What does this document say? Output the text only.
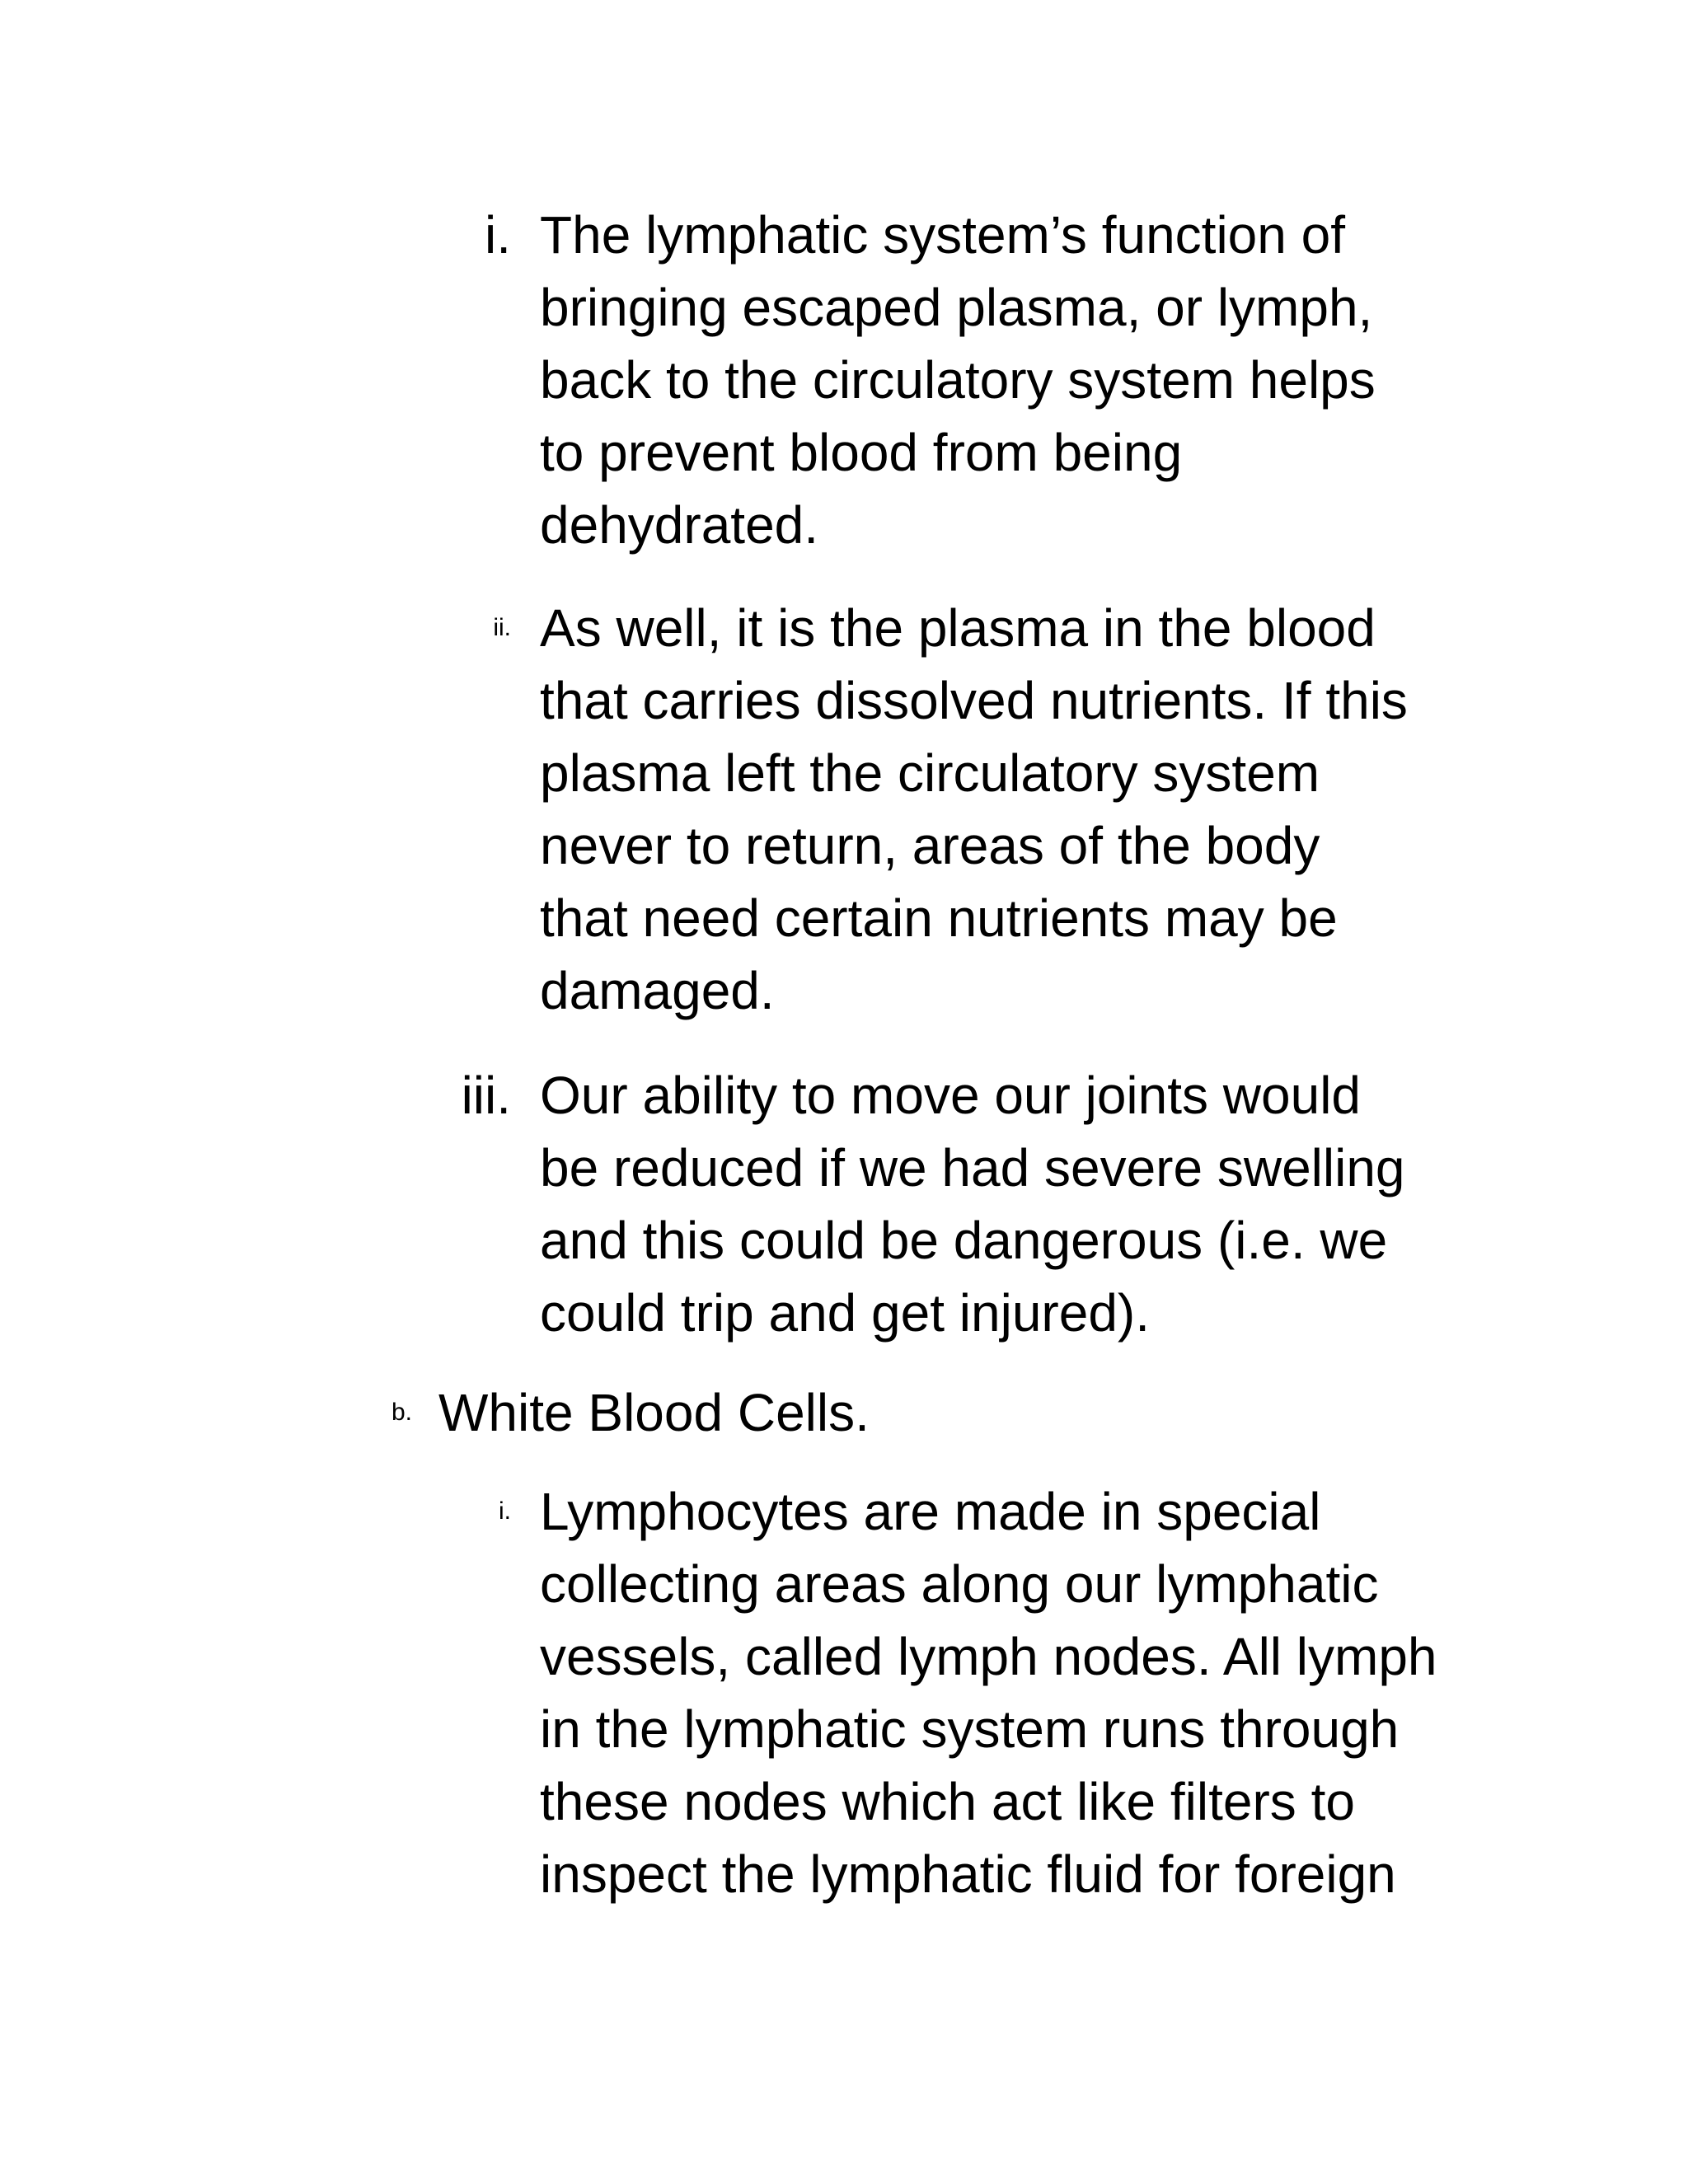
i. The lymphatic system’s function of
bringing escaped plasma, or lymph,
back to the circulatory system helps
to prevent blood from being
dehydrated.
ii. As well, it is the plasma in the blood
that carries dissolved nutrients. If this
plasma left the circulatory system
never to return, areas of the body
that need certain nutrients may be
damaged.
iii. Our ability to move our joints would
be reduced if we had severe swelling
and this could be dangerous (i.e. we
could trip and get injured).
b. White Blood Cells.
i. Lymphocytes are made in special
collecting areas along our lymphatic
vessels, called lymph nodes. All lymph
in the lymphatic system runs through
these nodes which act like filters to
inspect the lymphatic fluid for foreign
